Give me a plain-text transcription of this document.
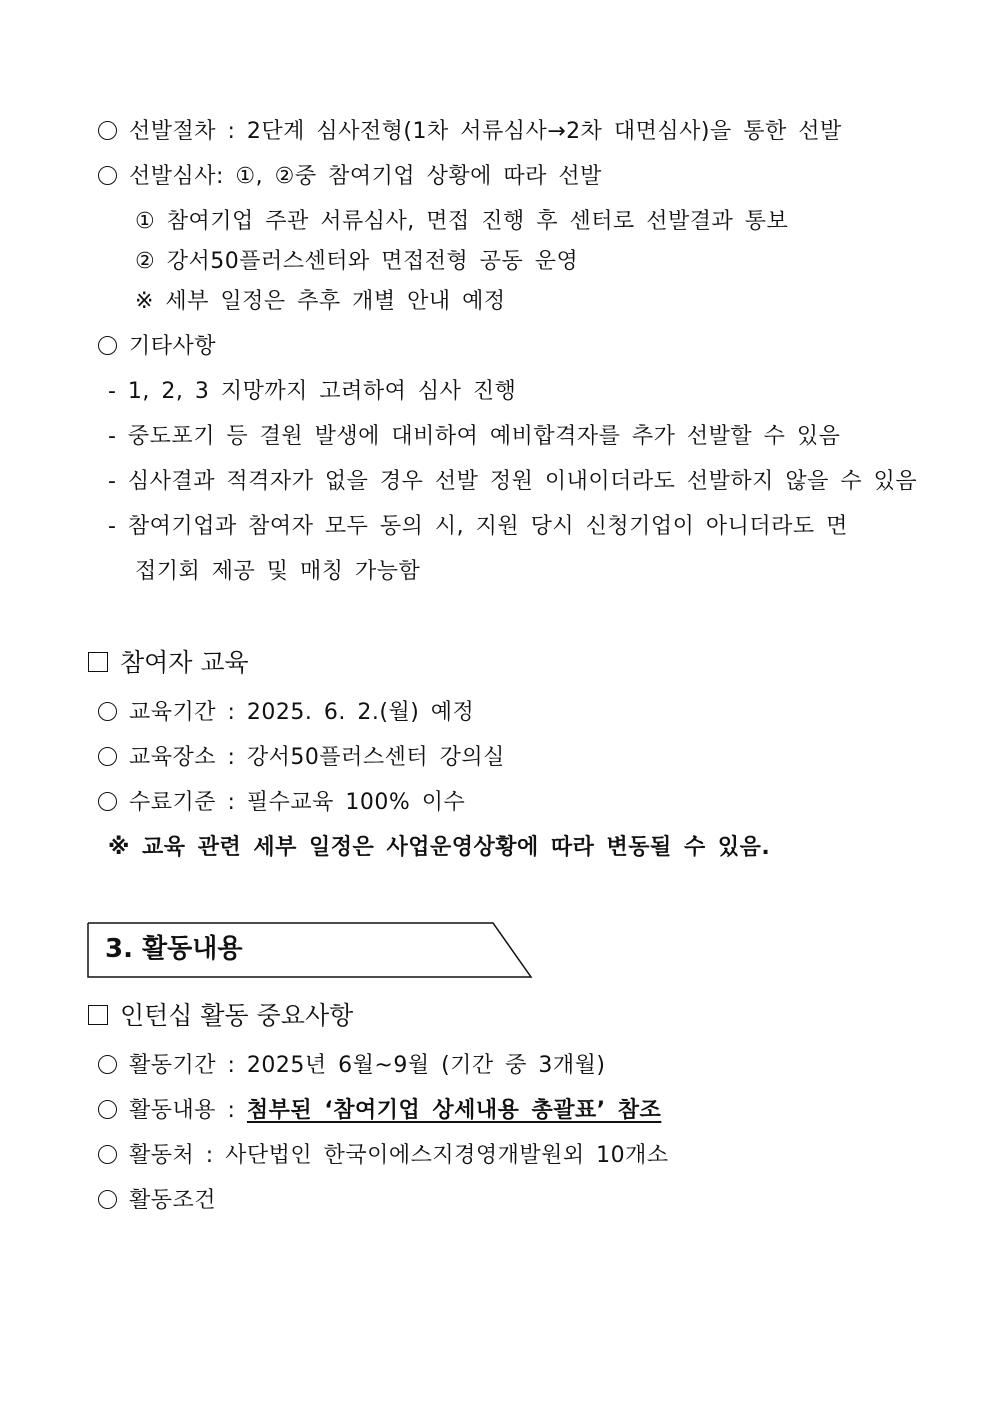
선발절차 : 2단계 심사전형(1차 서류심사→2차 대면심사)을 통한 선발
선발심사: ①, ②중 참여기업 상황에 따라 선발
① 참여기업 주관 서류심사, 면접 진행 후 센터로 선발결과 통보
② 강서50플러스센터와 면접전형 공동 운영
※ 세부 일정은 추후 개별 안내 예정
기타사항
- 1, 2, 3 지망까지 고려하여 심사 진행
- 중도포기 등 결원 발생에 대비하여 예비합격자를 추가 선발할 수 있음
- 심사결과 적격자가 없을 경우 선발 정원 이내이더라도 선발하지 않을 수 있음
- 참여기업과 참여자 모두 동의 시, 지원 당시 신청기업이 아니더라도 면
접기회 제공 및 매칭 가능함
참여자 교육
교육기간 : 2025. 6. 2.(월) 예정
교육장소 : 강서50플러스센터 강의실
수료기준 : 필수교육 100% 이수
※ 교육 관련 세부 일정은 사업운영상황에 따라 변동될 수 있음.
3. 활동내용
인턴십 활동 중요사항
활동기간 : 2025년 6월~9월 (기간 중 3개월)
활동내용 : 첨부된 ‘참여기업 상세내용 총괄표’ 참조
활동처 : 사단법인 한국이에스지경영개발원외 10개소
활동조건
